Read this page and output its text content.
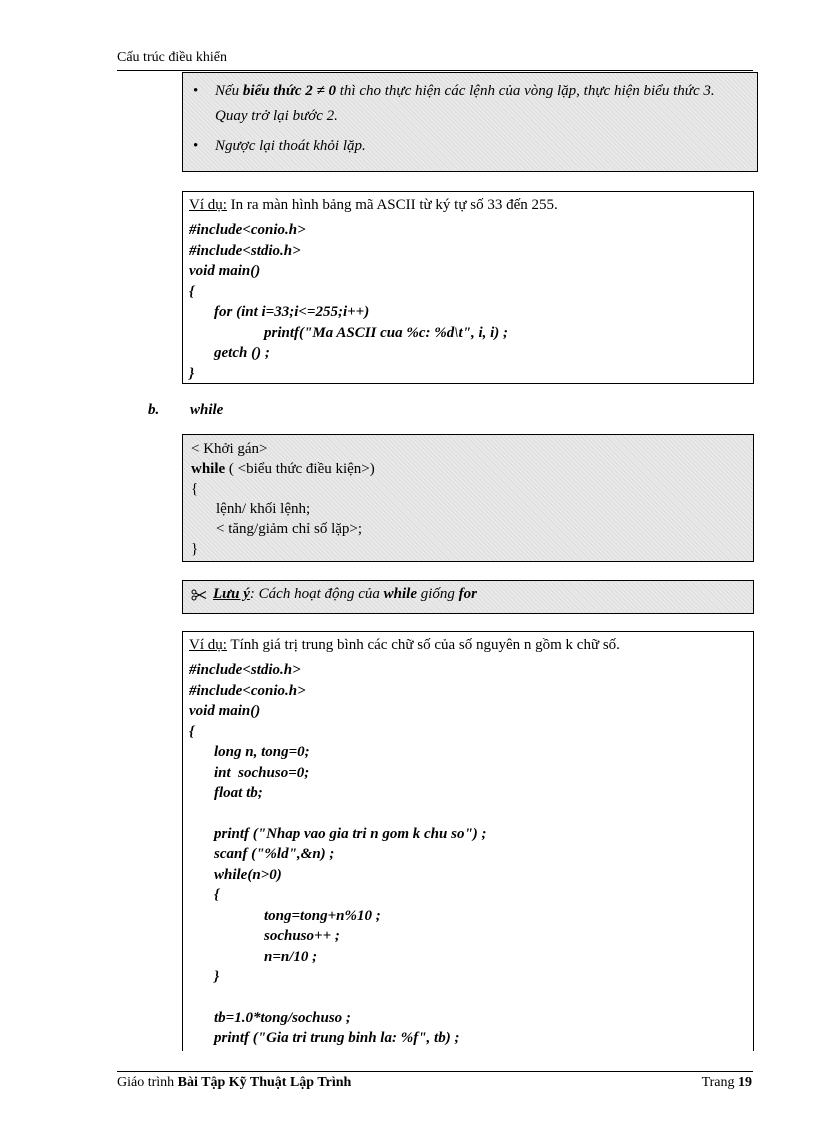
Cấu trúc điều khiển
• Nếu biểu thức 2 ≠ 0 thì cho thực hiện các lệnh của vòng lặp, thực hiện biểu thức 3. Quay trở lại bước 2.
• Ngược lại thoát khỏi lặp.
Ví dụ: In ra màn hình bảng mã ASCII từ ký tự số 33 đến 255.
#include<conio.h>
#include<stdio.h>
void main()
{
for (int i=33;i<=255;i++)
printf("Ma ASCII cua %c: %d\t", i, i) ;
getch () ;
}
b. while
< Khởi gán>
while ( <biểu thức điều kiện>)
{
lệnh/ khối lệnh;
< tăng/giảm chỉ số lặp>;
}
Lưu ý: Cách hoạt động của while giống for
Ví dụ: Tính giá trị trung bình các chữ số của số nguyên n gồm k chữ số.
#include<stdio.h>
#include<conio.h>
void main()
{
long n, tong=0;
int  sochuso=0;
float tb;
printf ("Nhap vao gia tri n gom k chu so") ;
scanf ("%ld",&n) ;
while(n>0)
{
tong=tong+n%10 ;
sochuso++ ;
n=n/10 ;
}
tb=1.0*tong/sochuso ;
printf ("Gia tri trung binh la: %f", tb) ;
Giáo trình Bài Tập Kỹ Thuật Lập Trình	Trang 19
